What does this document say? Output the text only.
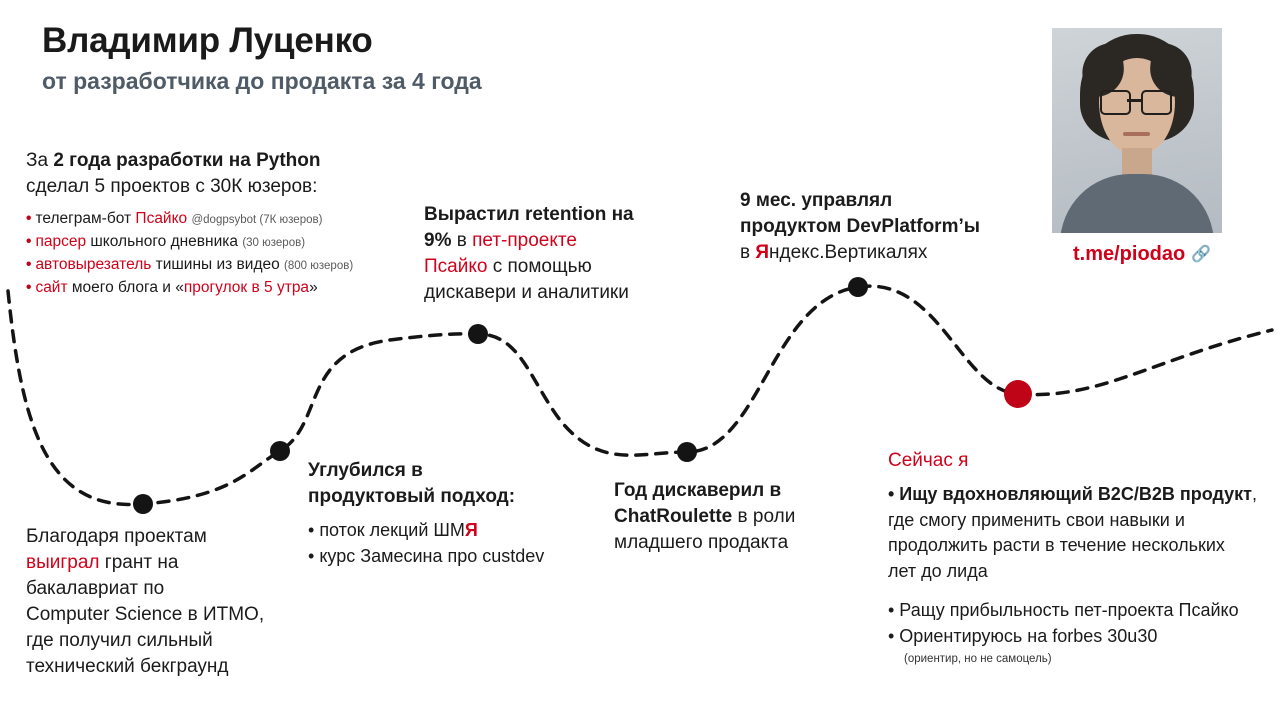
Владимир Луценко
от разработчика до продакта за 4 года
t.me/piodao 🔗
За 2 года разработки на Python
сделал 5 проектов с 30К юзеров:
• телеграм-бот Псайко @dogpsybot (7К юзеров)
• парсер школьного дневника (30 юзеров)
• автовырезатель тишины из видео (800 юзеров)
• сайт моего блога и «прогулок в 5 утра»
Вырастил retention на
9% в пет-проекте
Псайко с помощью
дискавери и аналитики
9 мес. управлял
продуктом DevPlatform’ы
в Яндекс.Вертикалях
Благодаря проектам
выиграл грант на
бакалавриат по
Computer Science в ИТМО,
где получил сильный
технический бекграунд
Углубился в
продуктовый подход:
• поток лекций ШМЯ
• курс Замесина про custdev
Год дискаверил в
ChatRoulette в роли
младшего продакта
Сейчас я
• Ищу вдохновляющий B2C/B2B продукт, где смогу применить свои навыки и продолжить расти в течение нескольких лет до лида
• Ращу прибыльность пет-проекта Псайко
• Ориентируюсь на forbes 30u30
(ориентир, но не самоцель)
